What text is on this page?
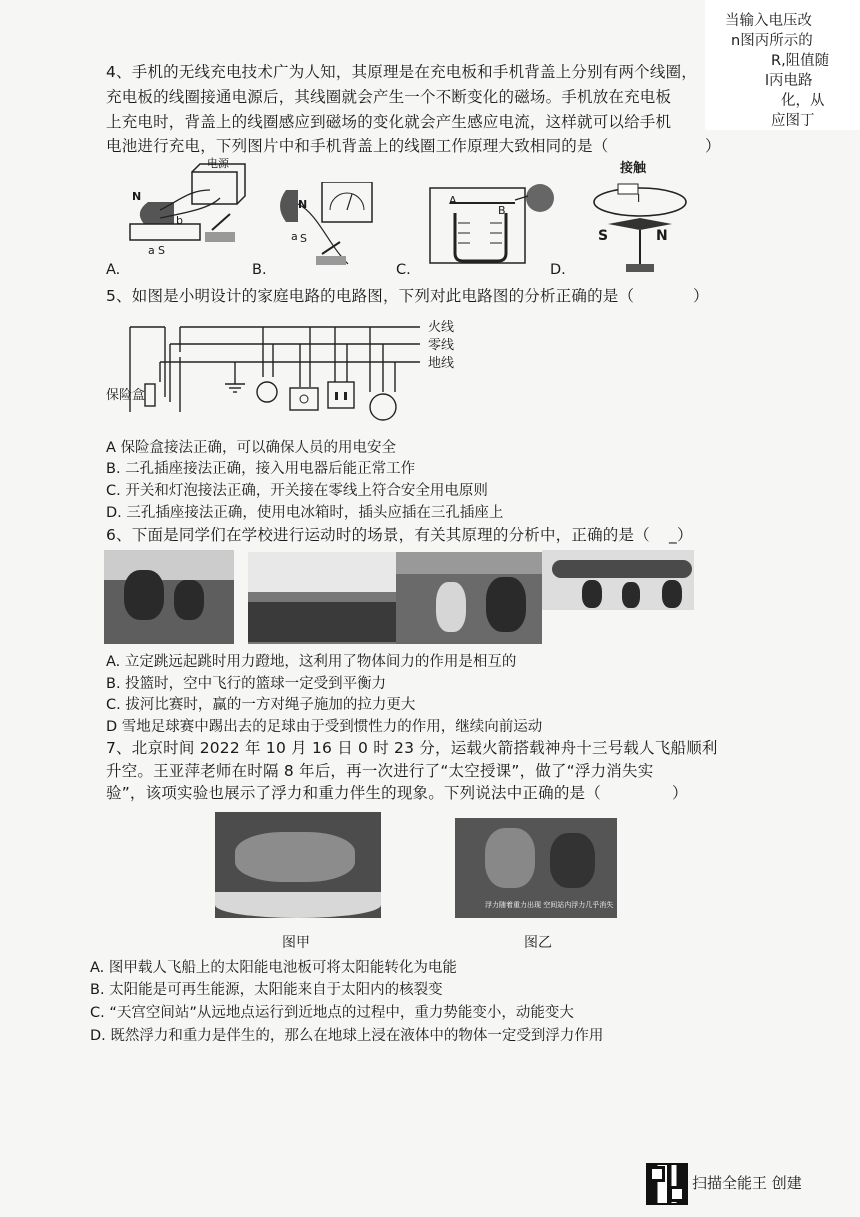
当输入电压改
n图丙所示的
R,阻值随
l丙电路
化，从
应图丁
4、手机的无线充电技术广为人知，其原理是在充电板和手机背盖上分别有两个线圈，
充电板的线圈接通电源后，其线圈就会产生一个不断变化的磁场。手机放在充电板
上充电时，背盖上的线圈感应到磁场的变化就会产生感应电流，这样就可以给手机
电池进行充电，下列图片中和手机背盖上的线圈工作原理大致相同的是（	）
电源
N
b
a S
A.
N
a S
B.
A
B
C.
接触
S	N
I
D.
5、如图是小明设计的家庭电路的电路图，下列对此电路图的分析正确的是（	）
火线
零线
地线
保险盒
A 保险盒接法正确，可以确保人员的用电安全
B. 二孔插座接法正确，接入用电器后能正常工作
C. 开关和灯泡接法正确，开关接在零线上符合安全用电原则
D. 三孔插座接法正确，使用电冰箱时，插头应插在三孔插座上
6、下面是同学们在学校进行运动时的场景，有关其原理的分析中，正确的是（ _）
A. 立定跳远起跳时用力蹬地，这利用了物体间力的作用是相互的
B. 投篮时，空中飞行的篮球一定受到平衡力
C. 拔河比赛时，赢的一方对绳子施加的拉力更大
D 雪地足球赛中踢出去的足球由于受到惯性力的作用，继续向前运动
7、北京时间 2022 年 10 月 16 日 0 时 23 分，运载火箭搭载神舟十三号载人飞船顺利
升空。王亚萍老师在时隔 8 年后，再一次进行了“太空授课”，做了“浮力消失实
验”，该项实验也展示了浮力和重力伴生的现象。下列说法中正确的是（	）
浮力随着重力出现 空间站内浮力几乎消失
图甲	图乙
A. 图甲载人飞船上的太阳能电池板可将太阳能转化为电能
B. 太阳能是可再生能源，太阳能来自于太阳内的核裂变
C. “天宫空间站”从远地点运行到近地点的过程中，重力势能变小，动能变大
D. 既然浮力和重力是伴生的，那么在地球上浸在液体中的物体一定受到浮力作用
扫描全能王 创建
